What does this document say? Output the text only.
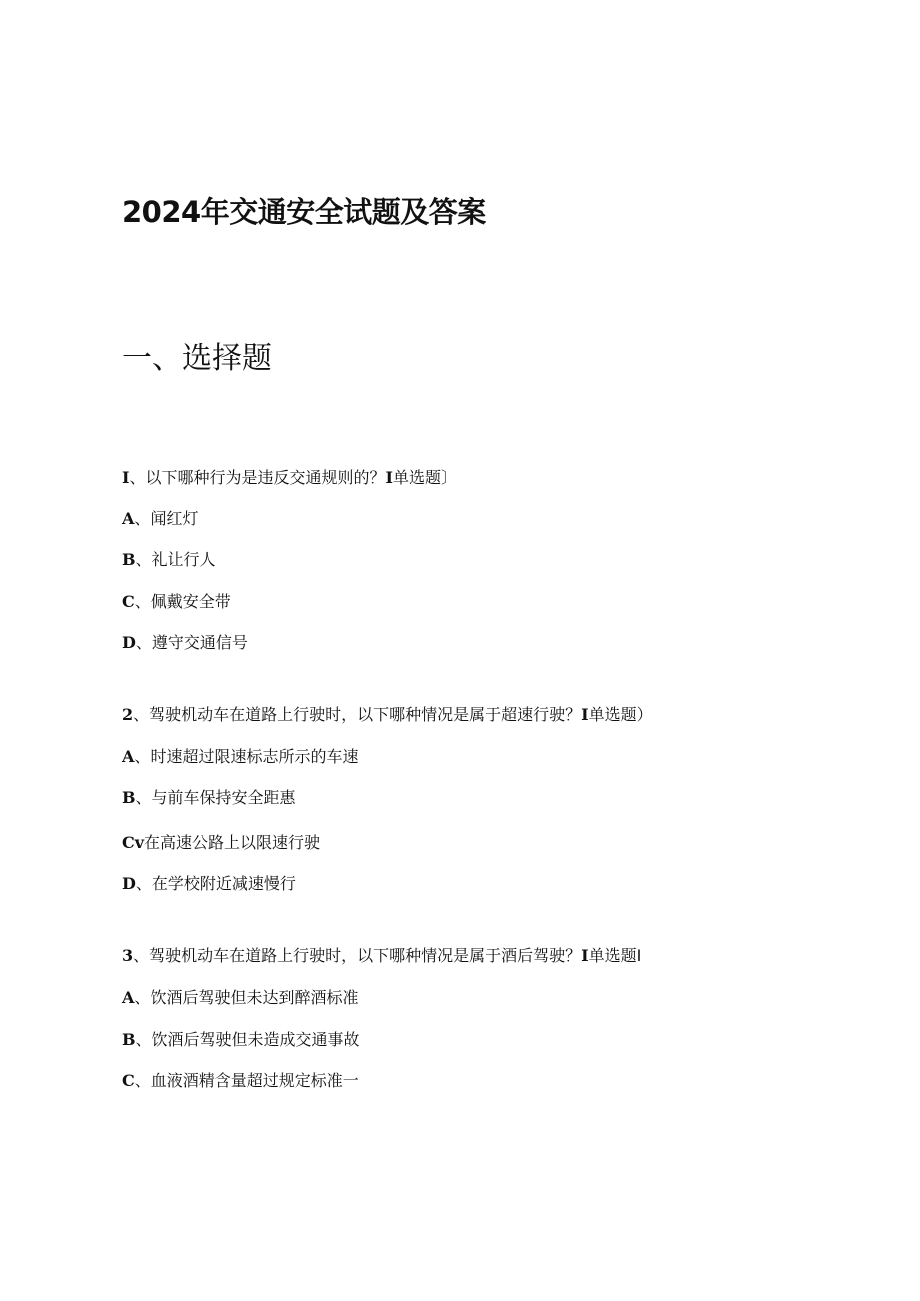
2024年交通安全试题及答案
一、选择题
I、以下哪种行为是违反交通规则的？I单选题〕
A、闻红灯
B、礼让行人
C、佩戴安全带
D、遵守交通信号
2、驾驶机动车在道路上行驶时，以下哪种情况是属于超速行驶？I单选题）
A、时速超过限速标志所示的车速
B、与前车保持安全距惠
Cv在高速公路上以限速行驶
D、在学校附近减速慢行
3、驾驶机动车在道路上行驶时，以下哪种情况是属于酒后驾驶？I单选题I
A、饮酒后驾驶但未达到醉酒标准
B、饮酒后驾驶但未造成交通事故
C、血液酒精含量超过规定标准一
